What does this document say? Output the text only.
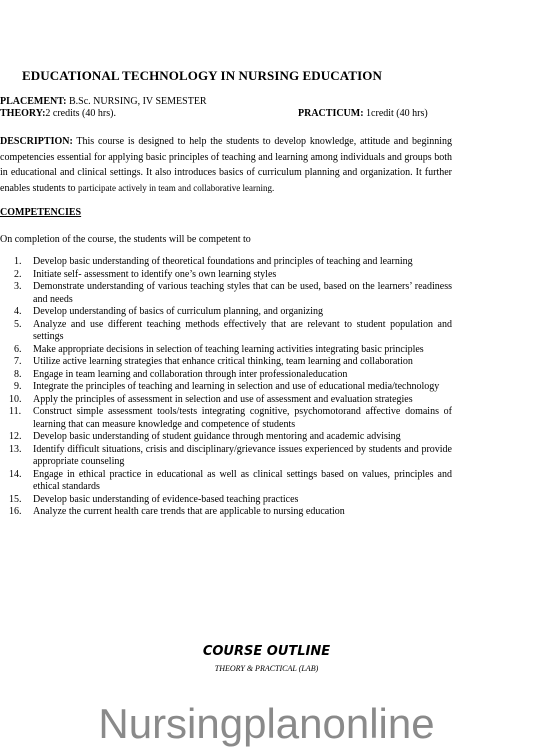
EDUCATIONAL TECHNOLOGY IN NURSING EDUCATION
PLACEMENT: B.Sc. NURSING, IV SEMESTER
THEORY:2 credits (40 hrs).	PRACTICUM: 1credit (40 hrs)
DESCRIPTION: This course is designed to help the students to develop knowledge, attitude and beginning competencies essential for applying basic principles of teaching and learning among individuals and groups both in educational and clinical settings. It also introduces basics of curriculum planning and organization. It further enables students to participate actively in team and collaborative learning.
COMPETENCIES
On completion of the course, the students will be competent to
1. Develop basic understanding of theoretical foundations and principles of teaching and learning
2. Initiate self- assessment to identify one’s own learning styles
3. Demonstrate understanding of various teaching styles that can be used, based on the learners’ readiness and needs
4. Develop understanding of basics of curriculum planning, and organizing
5. Analyze and use different teaching methods effectively that are relevant to student population and settings
6. Make appropriate decisions in selection of teaching learning activities integrating basic principles
7. Utilize active learning strategies that enhance critical thinking, team learning and collaboration
8. Engage in team learning and collaboration through inter professionaleducation
9. Integrate the principles of teaching and learning in selection and use of educational media/technology
10. Apply the principles of assessment in selection and use of assessment and evaluation strategies
11. Construct simple assessment tools/tests integrating cognitive, psychomotorand affective domains of learning that can measure knowledge and competence of students
12. Develop basic understanding of student guidance through mentoring and academic advising
13. Identify difficult situations, crisis and disciplinary/grievance issues experienced by students and provide appropriate counseling
14. Engage in ethical practice in educational as well as clinical settings based on values, principles and ethical standards
15. Develop basic understanding of evidence-based teaching practices
16. Analyze the current health care trends that are applicable to nursing education
COURSE OUTLINE
THEORY & PRACTICAL (LAB)
Nursingplanonline
